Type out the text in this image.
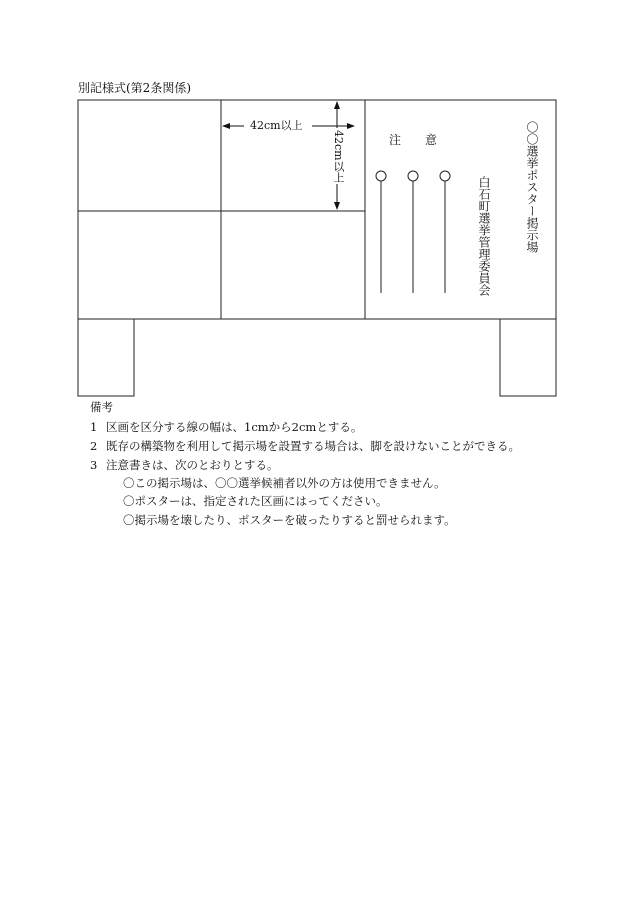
別記様式(第2条関係)
42cm以上
42cm以上	注　　意	〇〇選挙ポスター掲示場
白石町選挙管理委員会
備考
1 区画を区分する線の幅は、1cmから2cmとする。
2 既存の構築物を利用して掲示場を設置する場合は、脚を設けないことができる。
3 注意書きは、次のとおりとする。
〇この掲示場は、〇〇選挙候補者以外の方は使用できません。
〇ポスターは、指定された区画にはってください。
〇掲示場を壊したり、ポスターを破ったりすると罰せられます。
